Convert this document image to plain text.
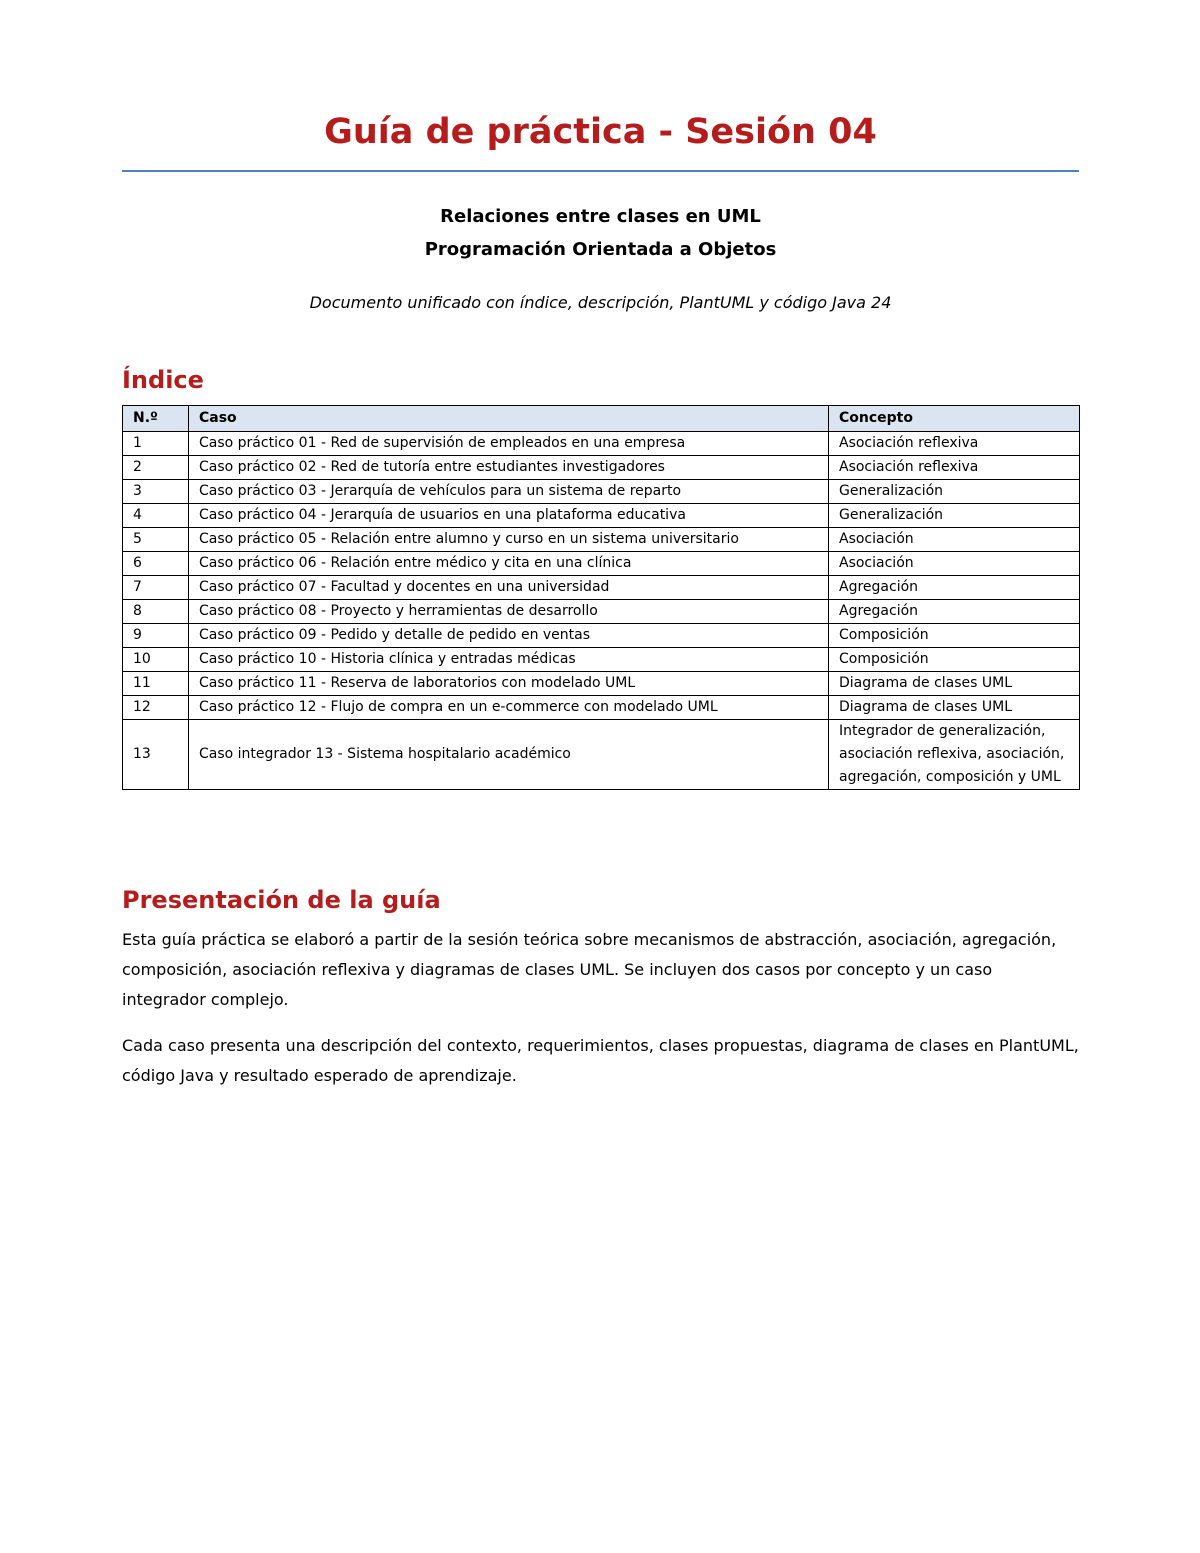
Guía de práctica - Sesión 04

Relaciones entre clases en UML

Programación Orientada a Objetos

Documento unificado con índice, descripción, PlantUML y código Java 24

Índice
N.º	Caso	Concepto
1	Caso práctico 01 - Red de supervisión de empleados en una empresa	Asociación reflexiva
2	Caso práctico 02 - Red de tutoría entre estudiantes investigadores	Asociación reflexiva
3	Caso práctico 03 - Jerarquía de vehículos para un sistema de reparto	Generalización
4	Caso práctico 04 - Jerarquía de usuarios en una plataforma educativa	Generalización
5	Caso práctico 05 - Relación entre alumno y curso en un sistema universitario	Asociación
6	Caso práctico 06 - Relación entre médico y cita en una clínica	Asociación
7	Caso práctico 07 - Facultad y docentes en una universidad	Agregación
8	Caso práctico 08 - Proyecto y herramientas de desarrollo	Agregación
9	Caso práctico 09 - Pedido y detalle de pedido en ventas	Composición
10	Caso práctico 10 - Historia clínica y entradas médicas	Composición
11	Caso práctico 11 - Reserva de laboratorios con modelado UML	Diagrama de clases UML
12	Caso práctico 12 - Flujo de compra en un e-commerce con modelado UML	Diagrama de clases UML
13	Caso integrador 13 - Sistema hospitalario académico	Integrador de generalización, asociación reflexiva, asociación, agregación, composición y UML
Presentación de la guía

Esta guía práctica se elaboró a partir de la sesión teórica sobre mecanismos de abstracción, asociación, agregación, composición, asociación reflexiva y diagramas de clases UML. Se incluyen dos casos por concepto y un caso integrador complejo.

Cada caso presenta una descripción del contexto, requerimientos, clases propuestas, diagrama de clases en PlantUML, código Java y resultado esperado de aprendizaje.
